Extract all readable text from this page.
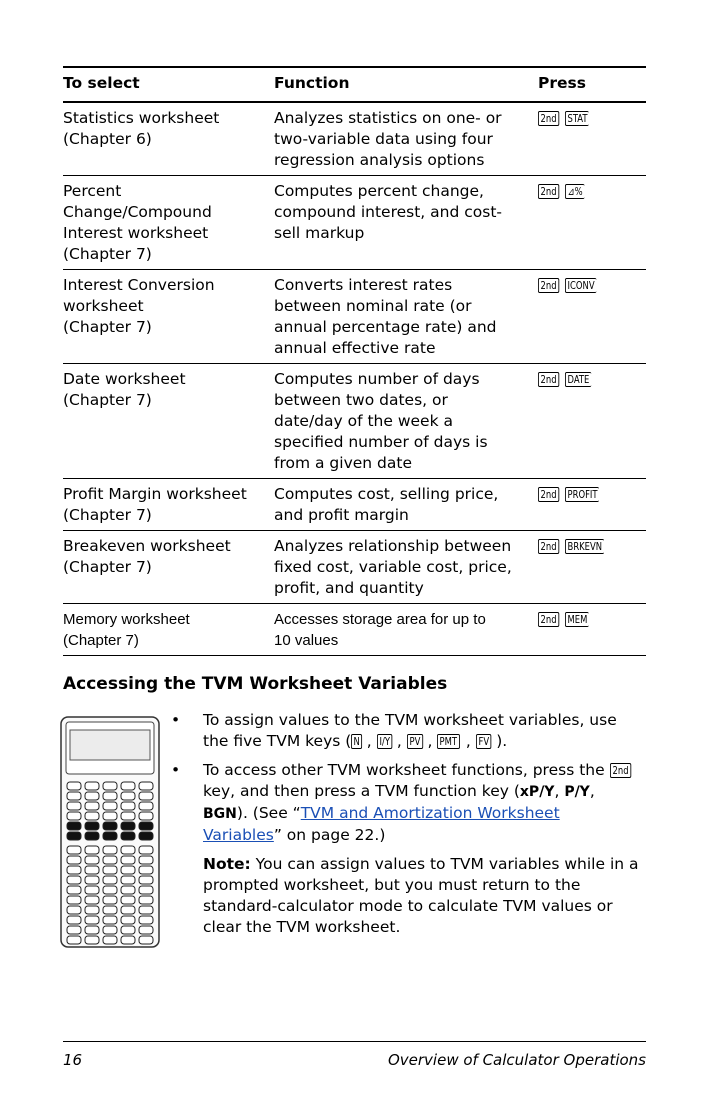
To select	Function	Press

Statistics worksheet
(Chapter 6)	Analyzes statistics on one- or
two-variable data using four
regression analysis options	2nd STAT

Percent
Change/Compound
Interest worksheet
(Chapter 7)	Computes percent change,
compound interest, and cost-
sell markup	2nd ⊿%

Interest Conversion
worksheet
(Chapter 7)	Converts interest rates
between nominal rate (or
annual percentage rate) and
annual effective rate	2nd ICONV

Date worksheet
(Chapter 7)	Computes number of days
between two dates, or
date/day of the week a
specified number of days is
from a given date	2nd DATE

Profit Margin worksheet
(Chapter 7)	Computes cost, selling price,
and profit margin	2nd PROFIT

Breakeven worksheet
(Chapter 7)	Analyzes relationship between
fixed cost, variable cost, price,
profit, and quantity	2nd BRKEVN

Memory worksheet
(Chapter 7)	Accesses storage area for up to
10 values	2nd MEM
Accessing the TVM Worksheet Variables
• To assign values to the TVM worksheet variables, use
the five TVM keys ( N , I/Y , PV , PMT , FV ).
• To access other TVM worksheet functions, press the 2nd
key, and then press a TVM function key (xP/Y, P/Y,
BGN). (See “TVM and Amortization Worksheet
Variables” on page 22.)
Note: You can assign values to TVM variables while in a
prompted worksheet, but you must return to the
standard-calculator mode to calculate TVM values or
clear the TVM worksheet.
16	Overview of Calculator Operations
